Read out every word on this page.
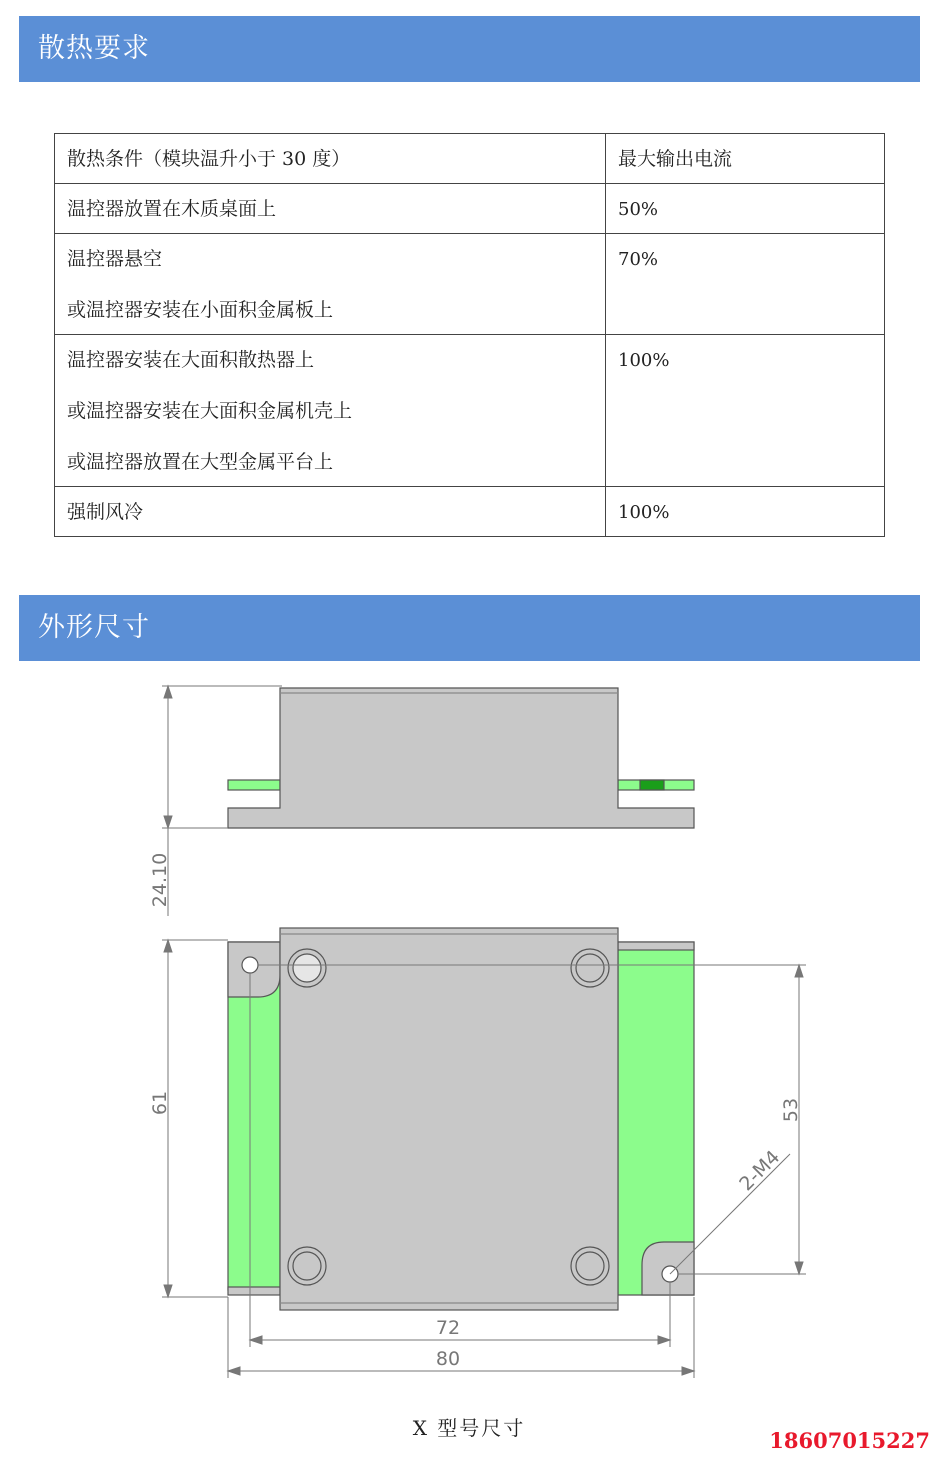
散热要求
散热条件（模块温升小于 30 度）	最大输出电流

温控器放置在木质桌面上	50%

温控器悬空
或温控器安装在小面积金属板上	70%

温控器安装在大面积散热器上
或温控器安装在大面积金属机壳上
或温控器放置在大型金属平台上	100%

强制风冷	100%
外形尺寸
24.10
61	53
2-M4
72
80
X 型号尺寸	18607015227
